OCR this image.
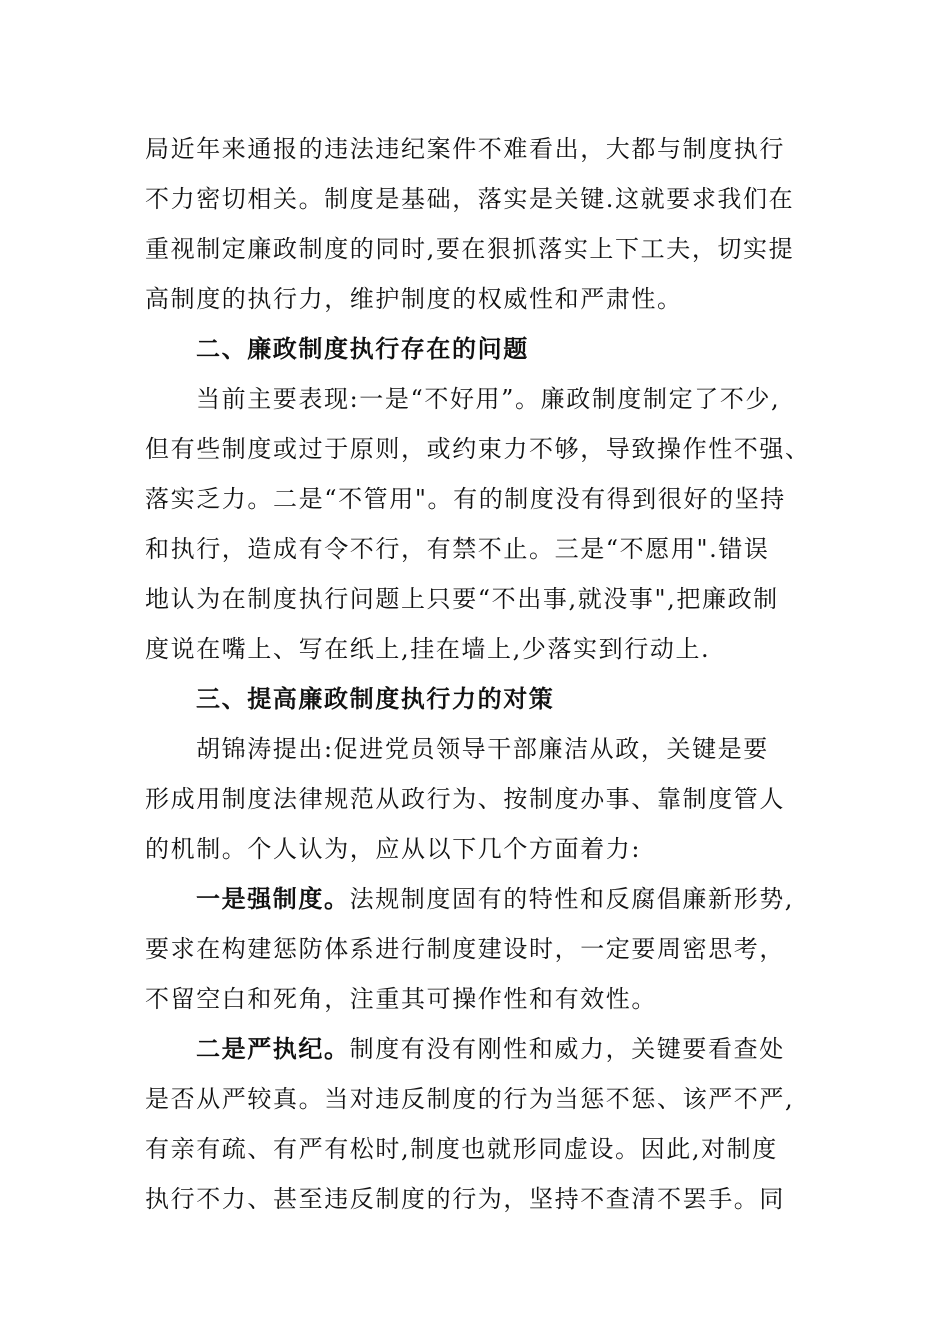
局近年来通报的违法违纪案件不难看出，大都与制度执行
不力密切相关。制度是基础，落实是关键.这就要求我们在
重视制定廉政制度的同时,要在狠抓落实上下工夫，切实提
高制度的执行力，维护制度的权威性和严肃性。
二、廉政制度执行存在的问题
当前主要表现:一是“不好用”。廉政制度制定了不少,
但有些制度或过于原则，或约束力不够，导致操作性不强、
落实乏力。二是“不管用"。有的制度没有得到很好的坚持
和执行，造成有令不行，有禁不止。三是“不愿用".错误
地认为在制度执行问题上只要“不出事,就没事",把廉政制
度说在嘴上、写在纸上,挂在墙上,少落实到行动上.
三、提高廉政制度执行力的对策
胡锦涛提出:促进党员领导干部廉洁从政，关键是要
形成用制度法律规范从政行为、按制度办事、靠制度管人
的机制。个人认为，应从以下几个方面着力:
一是强制度。法规制度固有的特性和反腐倡廉新形势,
要求在构建惩防体系进行制度建设时，一定要周密思考，
不留空白和死角，注重其可操作性和有效性。
二是严执纪。制度有没有刚性和威力，关键要看查处
是否从严较真。当对违反制度的行为当惩不惩、该严不严,
有亲有疏、有严有松时,制度也就形同虚设。因此,对制度
执行不力、甚至违反制度的行为，坚持不查清不罢手。同
